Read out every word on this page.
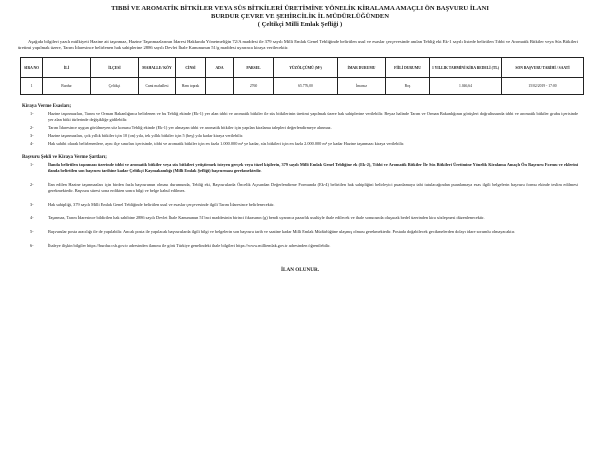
TIBBİ VE AROMATİK BİTKİLER VEYA SÜS BİTKİLERİ ÜRETİMİNE YÖNELİK KİRALAMA AMAÇLI ÖN BAŞVURU İLANI
BURDUR ÇEVRE VE ŞEHİRCİLİK İL MÜDÜRLÜĞÜNDEN
( Çeltikçi Milli Emlak Şefliği )
Aşağıda bilgileri yazılı mülkiyeti Hazine ait taşınmaz, Hazine Taşınmazlarının İdaresi Hakkında Yönetmeliğin 72/A maddesi ile 379 sayılı Milli Emlak Genel Tebliğinde belirtilen usul ve esaslar çerçevesinde anılan Tebliğ eki Ek-1 sayılı listede belirtilen Tıbbi ve Aromatik Bitkiler veya Süs Bitkileri üretimi yapılmak üzere, Tarım İdaresince belirlenen hak sahiplerine 2886 sayılı Devlet İhale Kanununun 51/g maddesi uyarınca kiraya verilecektir.
SIRA NO	İLİ	İLÇESİ	MAHALLE/ KÖY	CİNSİ	ADA	PARSEL	YÜZÖLÇÜMÜ (M²)	İMAR DURUMU	FİİLİ DURUMU	1 YILLIK TAHMİNİ KİRA BEDELİ (TL)	SON BAŞVURU TARİHİ / SAATİ
1	Burdur	Çeltikçi	Cami mahallesi	Ham toprak		2760	65.776,00	İmarsız	Boş	1.046,64	15/02/2019 - 17:00
Kiraya Verme Esasları;
1-	Hazine taşınmazları, Tarım ve Orman Bakanlığınca belirlenen ve bu Tebliğ ekinde (Ek-1) yer alan tıbbi ve aromatik bitkiler ile süs bitkilerinin üretimi yapılmak üzere hak sahiplerine verilebilir. Beyaz halinde Tarım ve Orman Bakanlığının görüşleri doğrultusunda tıbbi ve aromatik bitkiler grubu içerisinde yer alan bitki türlerinde değişikliğe gidilebilir.
2-	Tarım İdaresince uygun görülmeyen söz konusu Tebliğ ekinde (Ek-1) yer almayan tıbbi ve aromatik bitkiler için yapılan kiralama talepleri değerlendirmeye alınmaz.
3-	Hazine taşınmazları, çok yıllık bitkiler için 10 (on) yıla, tek yıllık bitkiler için 5 (beş) yıla kadar kiraya verilebilir.
4-	Hak sahibi olarak belirlenenlere, aynı ilçe sınırları içerisinde, tıbbi ve aromatik bitkiler için en fazla 1.000.000 m² ye kadar, süs bitkileri için en fazla 2.000.000 m² ye kadar Hazine taşınmazı kiraya verilebilir.
Başvuru Şekli ve Kiraya Verme Şartları;
1-	İlanda belirtilen taşınmazı üzerinde tıbbi ve aromatik bitkiler veya süs bitkileri yetiştirmek isteyen gerçek veya tüzel kişilerin, 379 sayılı Milli Emlak Genel Tebliğine ek (Ek-2), Tıbbi ve Aromatik Bitkiler İle Süs Bitkileri Üretimine Yönelik Kiralama Amaçlı Ön Başvuru Formu ve eklerini ilanda belirtilen son başvuru tarihine kadar Çeltikçi Kaymakamlığı (Milli Emlak Şefliği) başvurması gerekmektedir.
2-	İlan edilen Hazine taşınmazları için birden fazla başvurunun olması durumunda, Tebliğ eki, Başvurularda Öncelik Açısından Değerlendirme Formunda (Ek-4) belirtilen hak sahipliğini belirleyici puanlamaya tabi tutulacağından puanlamaya esas ilgili belgelerin başvuru formu ekinde teslim edilmesi gerekmektedir. Başvuru süresi sona erdikten sonra bilgi ve belge kabul edilmez.
3-	Hak sahipliği, 379 sayılı Milli Emlak Genel Tebliğinde belirtilen usul ve esaslar çerçevesinde ilgili Tarım İdaresince belirlenecektir.
4-	Taşınmaz, Tarım İdaresince bildirilen hak sahibine 2886 sayılı Devlet İhale Kanununun 51'inci maddesinin birinci fıkrasının (g) bendi uyarınca pazarlık usulüyle ihale edilecek ve ihale sonucunda oluşacak bedel üzerinden kira sözleşmesi düzenlenecektir.
5-	Başvurular posta aracılığı ile de yapılabilir. Ancak posta ile yapılacak başvurularda ilgili bilgi ve belgelerin son başvuru tarih ve saatine kadar Milli Emlak Müdürlüğüne ulaşmış olması gerekmektedir. Postada doğabilecek gecikmelerden dolayı idare sorumlu olmayacaktır.
6-	İhaleye ilişkin bilgiler https://burdur.csb.gov.tr adresinden ilanımı ile görü Türkiye genelindeki ihale bilgileri https://www.milliemlak.gov.tr adresinden öğrenilebilir.
İLAN OLUNUR.
